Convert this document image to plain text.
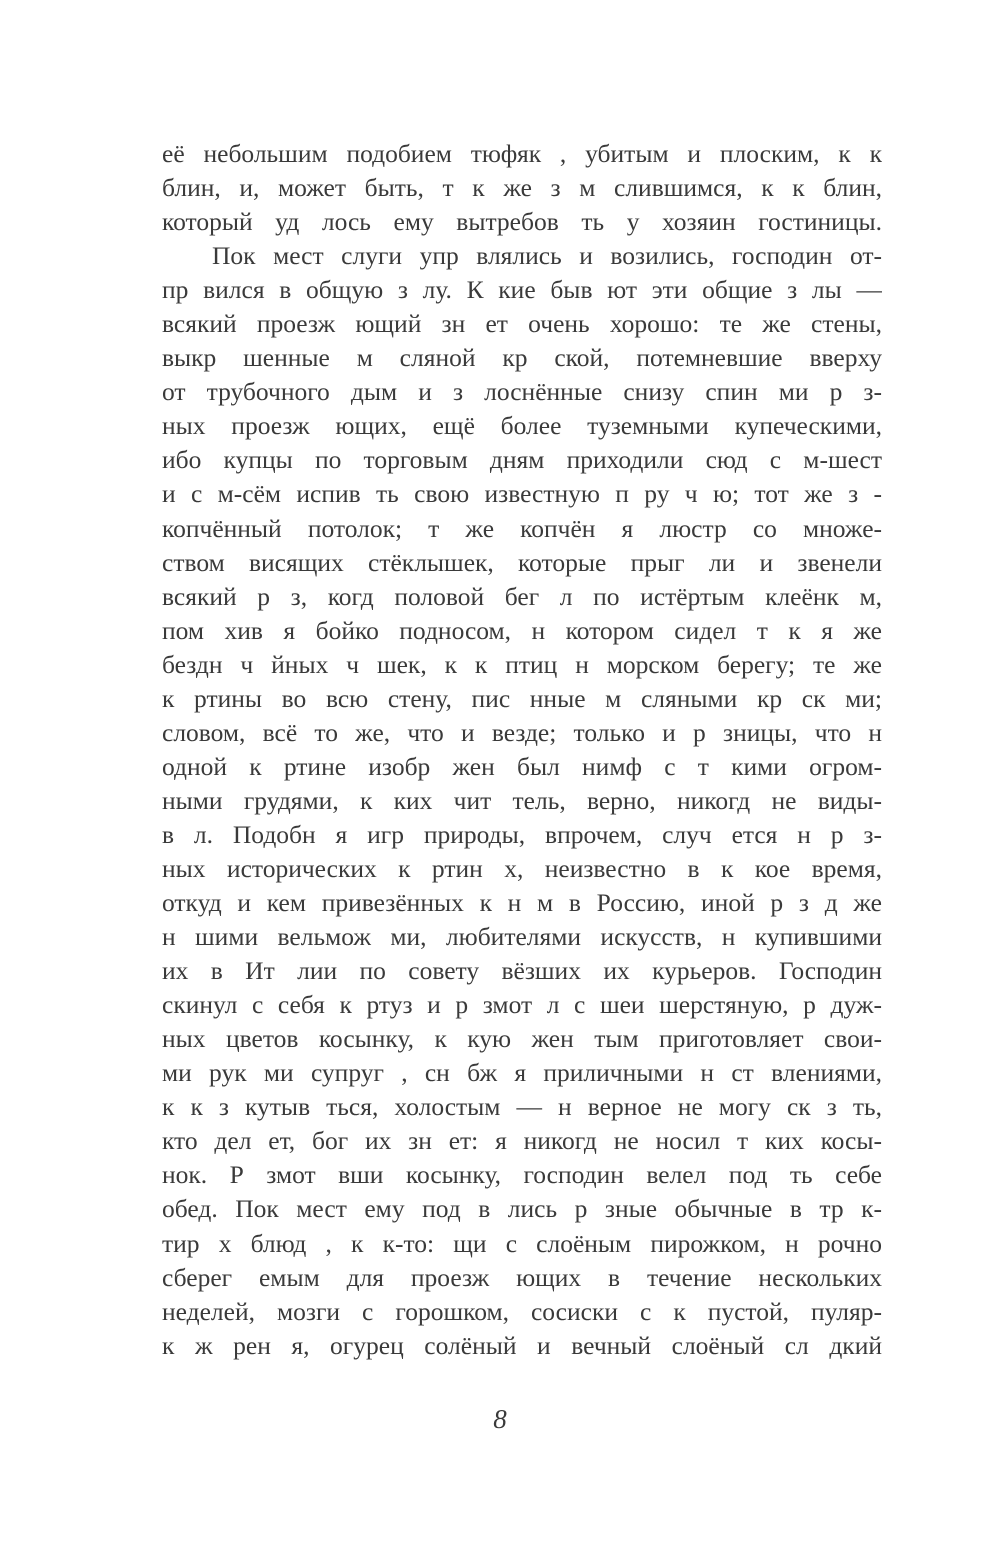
её небольшим подобием тюфяк , убитым и плоским, к к
блин, и, может быть, т к же з м слившимся, к к блин,
который уд лось ему вытребов ть у хозяин гостиницы.
Пок мест слуги упр влялись и возились, господин от-
пр вился в общую з лу. К кие быв ют эти общие з лы —
всякий проезж ющий зн ет очень хорошо: те же стены,
выкр шенные м сляной кр ской, потемневшие вверху
от трубочного дым и з лоснённые снизу спин ми р з-
ных проезж ющих, ещё более туземными купеческими,
ибо купцы по торговым дням приходили сюд с м-шест
и с м-сём испив ть свою известную п ру ч ю; тот же з -
копчённый потолок; т же копчён я люстр со множе-
ством висящих стёклышек, которые прыг ли и звенели
всякий р з, когд половой бег л по истёртым клеёнк м,
пом хив я бойко подносом, н котором сидел т к я же
бездн ч йных ч шек, к к птиц н морском берегу; те же
к ртины во всю стену, пис нные м сляными кр ск ми;
словом, всё то же, что и везде; только и р зницы, что н
одной к ртине изобр жен был нимф с т кими огром-
ными грудями, к ких чит тель, верно, никогд не виды-
в л. Подобн я игр природы, впрочем, случ ется н р з-
ных исторических к ртин х, неизвестно в к кое время,
откуд и кем привезённых к н м в Россию, иной р з д же
н шими вельмож ми, любителями искусств, н купившими
их в Ит лии по совету вёзших их курьеров. Господин
скинул с себя к ртуз и р змот л с шеи шерстяную, р дуж-
ных цветов косынку, к кую жен тым приготовляет свои-
ми рук ми супруг , сн бж я приличными н ст влениями,
к к з кутыв ться, холостым — н верное не могу ск з ть,
кто дел ет, бог их зн ет: я никогд не носил т ких косы-
нок. Р змот вши косынку, господин велел под ть себе
обед. Пок мест ему под в лись р зные обычные в тр к-
тир х блюд , к к-то: щи с слоёным пирожком, н рочно
сберег емым для проезж ющих в течение нескольких
неделей, мозги с горошком, сосиски с к пустой, пуляр-
к ж рен я, огурец солёный и вечный слоёный сл дкий
8
